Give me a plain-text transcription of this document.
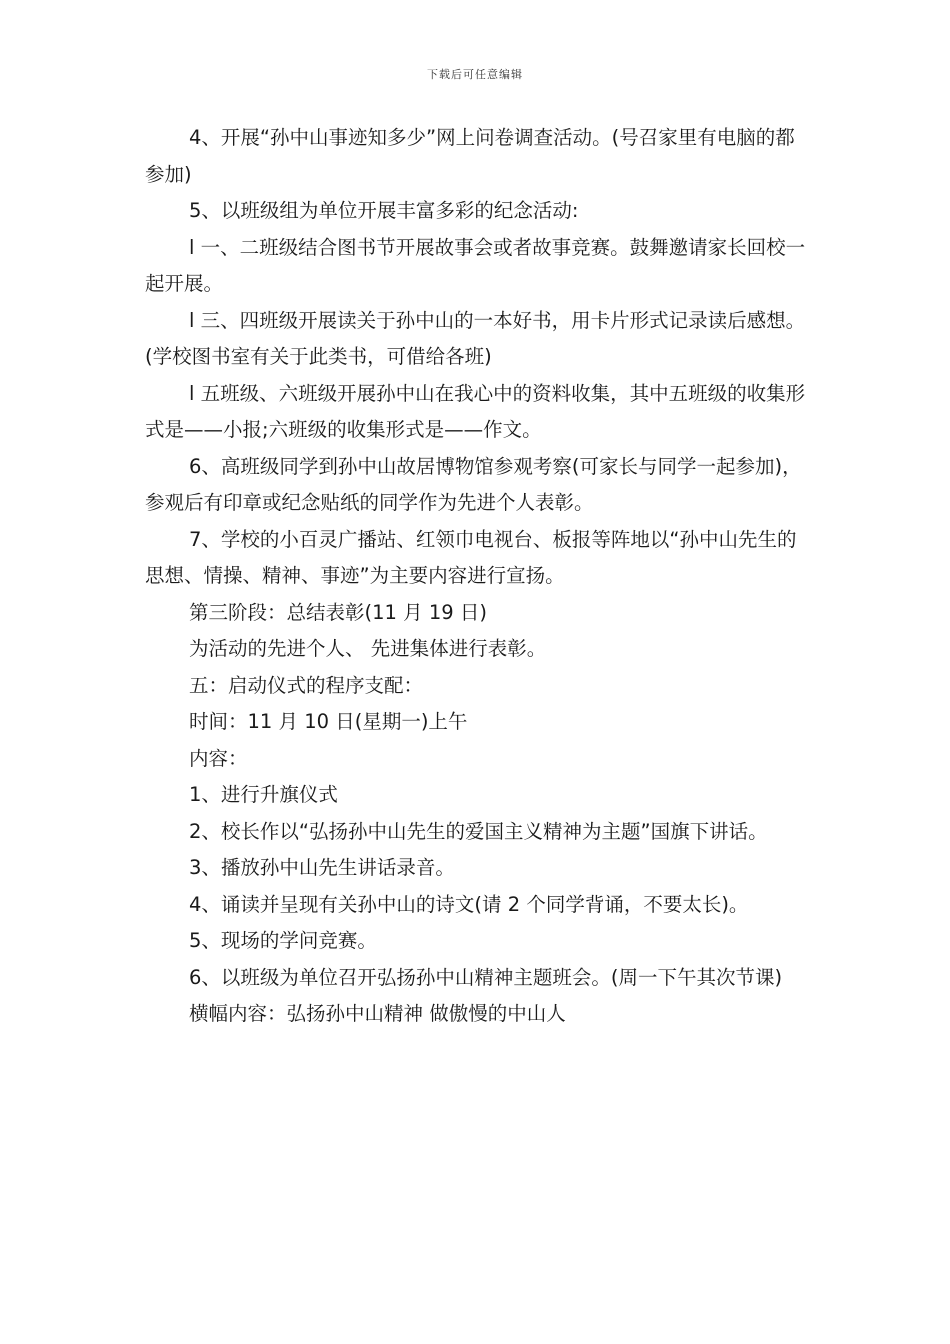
下载后可任意编辑

4、开展“孙中山事迹知多少”网上问卷调查活动。(号召家里有电脑的都参加)

5、以班级组为单位开展丰富多彩的纪念活动:

l 一、二班级结合图书节开展故事会或者故事竞赛。鼓舞邀请家长回校一起开展。

l 三、四班级开展读关于孙中山的一本好书，用卡片形式记录读后感想。(学校图书室有关于此类书，可借给各班)

l 五班级、六班级开展孙中山在我心中的资料收集，其中五班级的收集形式是——小报;六班级的收集形式是——作文。

6、高班级同学到孙中山故居博物馆参观考察(可家长与同学一起参加)，参观后有印章或纪念贴纸的同学作为先进个人表彰。

7、学校的小百灵广播站、红领巾电视台、板报等阵地以“孙中山先生的思想、情操、精神、事迹”为主要内容进行宣扬。

第三阶段：总结表彰(11 月 19 日)

为活动的先进个人、 先进集体进行表彰。

五：启动仪式的程序支配：

时间：11 月 10 日(星期一)上午

内容：

1、进行升旗仪式

2、校长作以“弘扬孙中山先生的爱国主义精神为主题”国旗下讲话。

3、播放孙中山先生讲话录音。

4、诵读并呈现有关孙中山的诗文(请 2 个同学背诵，不要太长)。

5、现场的学问竞赛。

6、以班级为单位召开弘扬孙中山精神主题班会。(周一下午其次节课)

横幅内容：弘扬孙中山精神 做傲慢的中山人
